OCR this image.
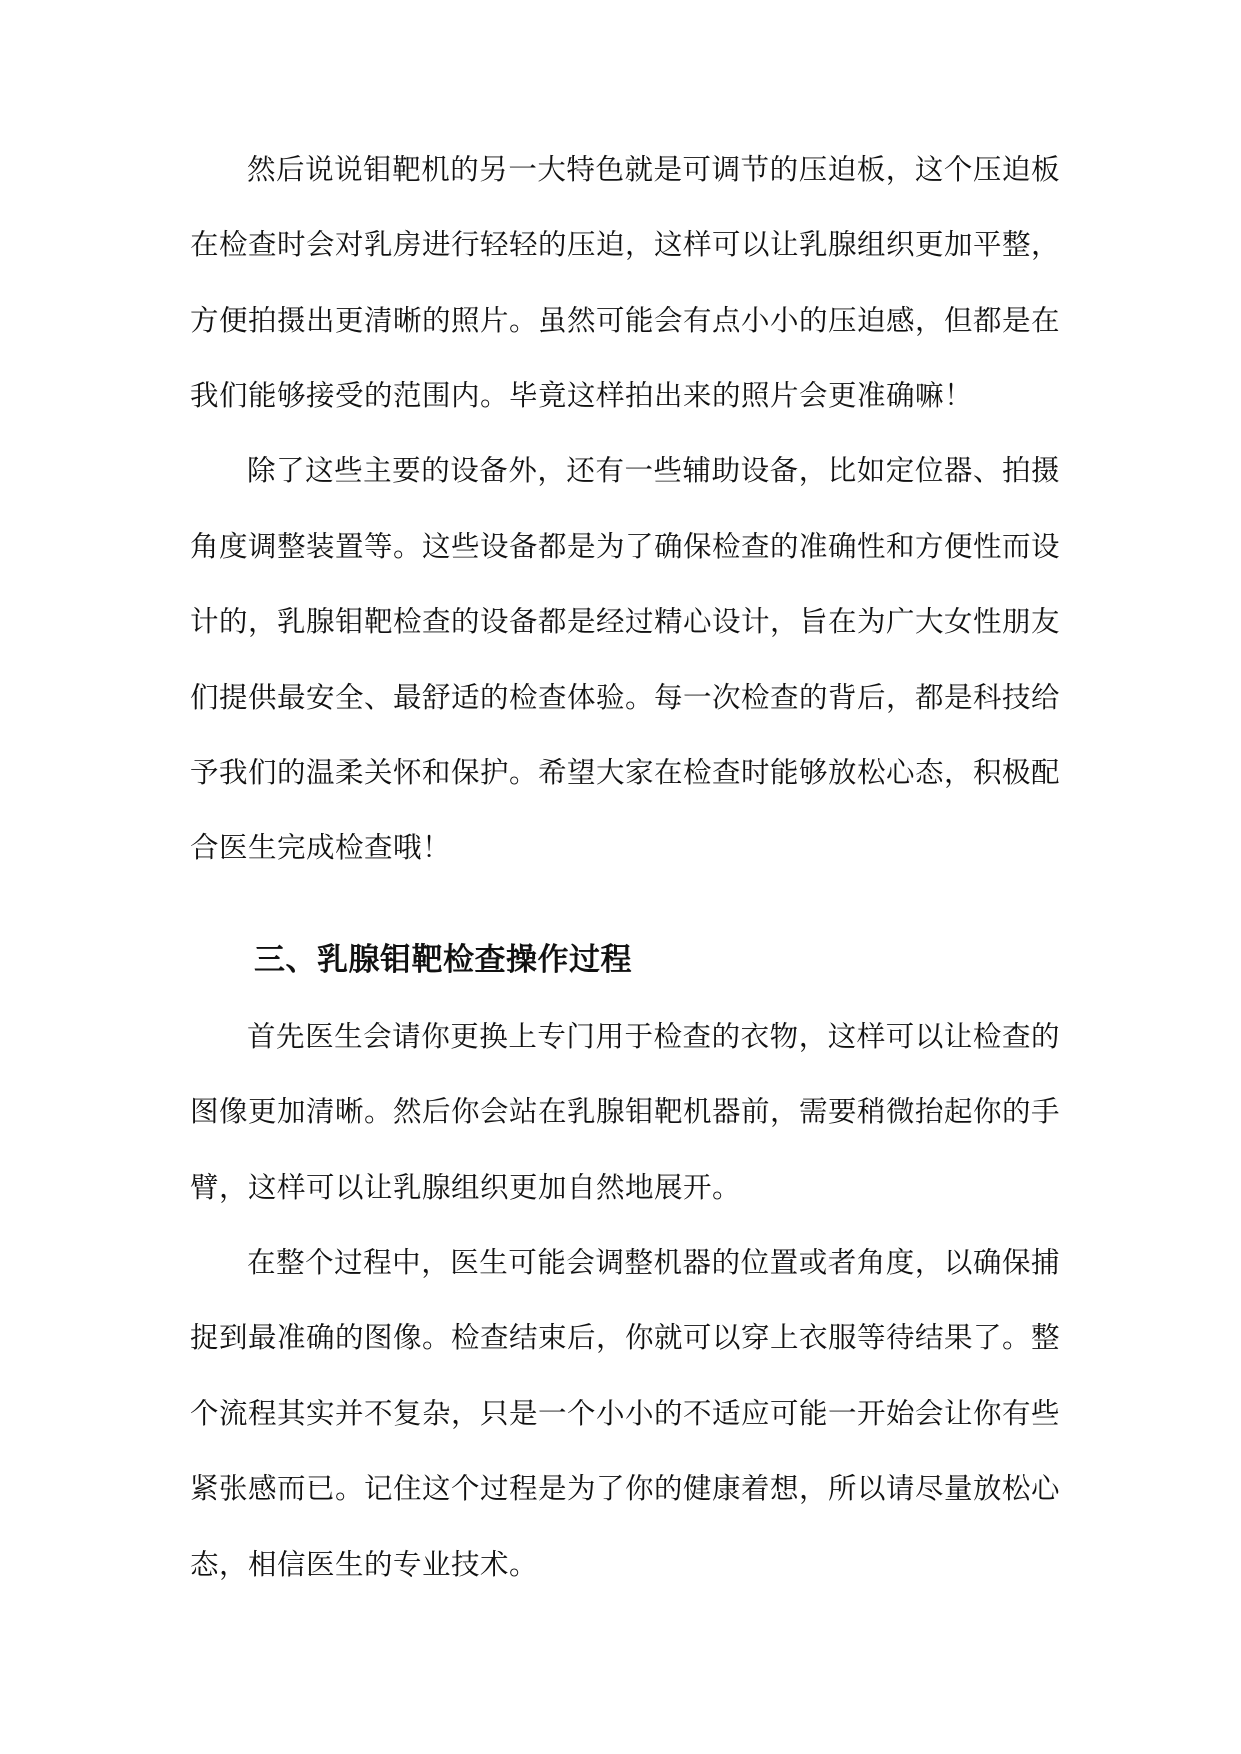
然后说说钼靶机的另一大特色就是可调节的压迫板，这个压迫板
在检查时会对乳房进行轻轻的压迫，这样可以让乳腺组织更加平整，
方便拍摄出更清晰的照片。虽然可能会有点小小的压迫感，但都是在
我们能够接受的范围内。毕竟这样拍出来的照片会更准确嘛！
除了这些主要的设备外，还有一些辅助设备，比如定位器、拍摄
角度调整装置等。这些设备都是为了确保检查的准确性和方便性而设
计的，乳腺钼靶检查的设备都是经过精心设计，旨在为广大女性朋友
们提供最安全、最舒适的检查体验。每一次检查的背后，都是科技给
予我们的温柔关怀和保护。希望大家在检查时能够放松心态，积极配
合医生完成检查哦！
三、乳腺钼靶检查操作过程
首先医生会请你更换上专门用于检查的衣物，这样可以让检查的
图像更加清晰。然后你会站在乳腺钼靶机器前，需要稍微抬起你的手
臂，这样可以让乳腺组织更加自然地展开。
在整个过程中，医生可能会调整机器的位置或者角度，以确保捕
捉到最准确的图像。检查结束后，你就可以穿上衣服等待结果了。整
个流程其实并不复杂，只是一个小小的不适应可能一开始会让你有些
紧张感而已。记住这个过程是为了你的健康着想，所以请尽量放松心
态，相信医生的专业技术。
